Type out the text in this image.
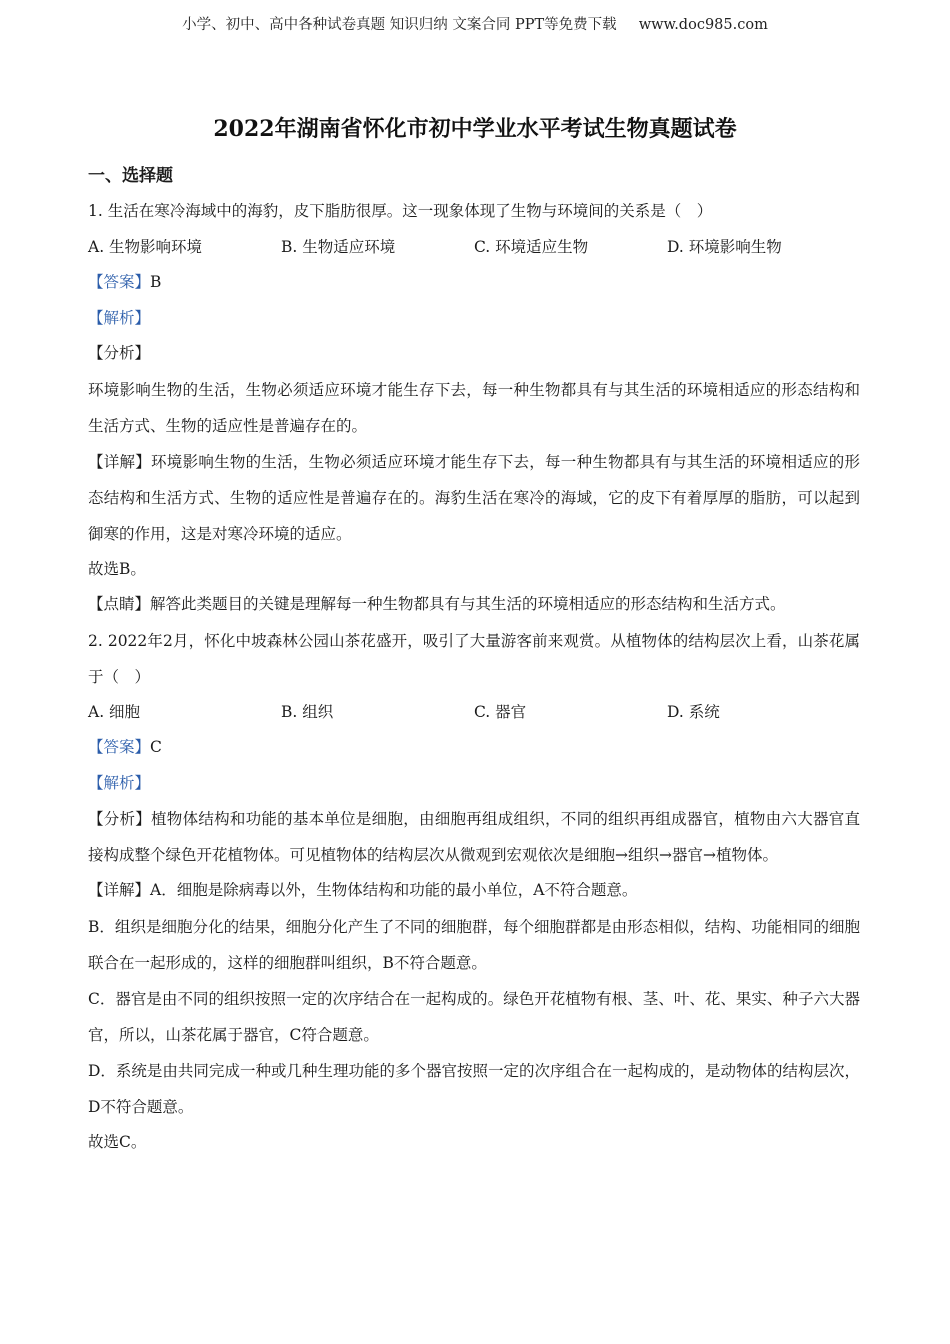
小学、初中、高中各种试卷真题 知识归纳 文案合同 PPT等免费下载 www.doc985.com
2022年湖南省怀化市初中学业水平考试生物真题试卷
一、选择题
1. 生活在寒冷海域中的海豹，皮下脂肪很厚。这一现象体现了生物与环境间的关系是（　）
A. 生物影响环境	B. 生物适应环境	C. 环境适应生物	D. 环境影响生物
【答案】B
【解析】
【分析】
环境影响生物的生活，生物必须适应环境才能生存下去，每一种生物都具有与其生活的环境相适应的形态结构和生活方式、生物的适应性是普遍存在的。
【详解】环境影响生物的生活，生物必须适应环境才能生存下去，每一种生物都具有与其生活的环境相适应的形态结构和生活方式、生物的适应性是普遍存在的。海豹生活在寒冷的海域，它的皮下有着厚厚的脂肪，可以起到御寒的作用，这是对寒冷环境的适应。
故选B。
【点睛】解答此类题目的关键是理解每一种生物都具有与其生活的环境相适应的形态结构和生活方式。
2. 2022年2月，怀化中坡森林公园山茶花盛开，吸引了大量游客前来观赏。从植物体的结构层次上看，山茶花属于（　）
A. 细胞	B. 组织	C. 器官	D. 系统
【答案】C
【解析】
【分析】植物体结构和功能的基本单位是细胞，由细胞再组成组织，不同的组织再组成器官，植物由六大器官直接构成整个绿色开花植物体。可见植物体的结构层次从微观到宏观依次是细胞→组织→器官→植物体。
【详解】A．细胞是除病毒以外，生物体结构和功能的最小单位，A不符合题意。
B．组织是细胞分化的结果，细胞分化产生了不同的细胞群，每个细胞群都是由形态相似，结构、功能相同的细胞联合在一起形成的，这样的细胞群叫组织，B不符合题意。
C．器官是由不同的组织按照一定的次序结合在一起构成的。绿色开花植物有根、茎、叶、花、果实、种子六大器官，所以，山茶花属于器官，C符合题意。
D．系统是由共同完成一种或几种生理功能的多个器官按照一定的次序组合在一起构成的，是动物体的结构层次，D不符合题意。
故选C。
